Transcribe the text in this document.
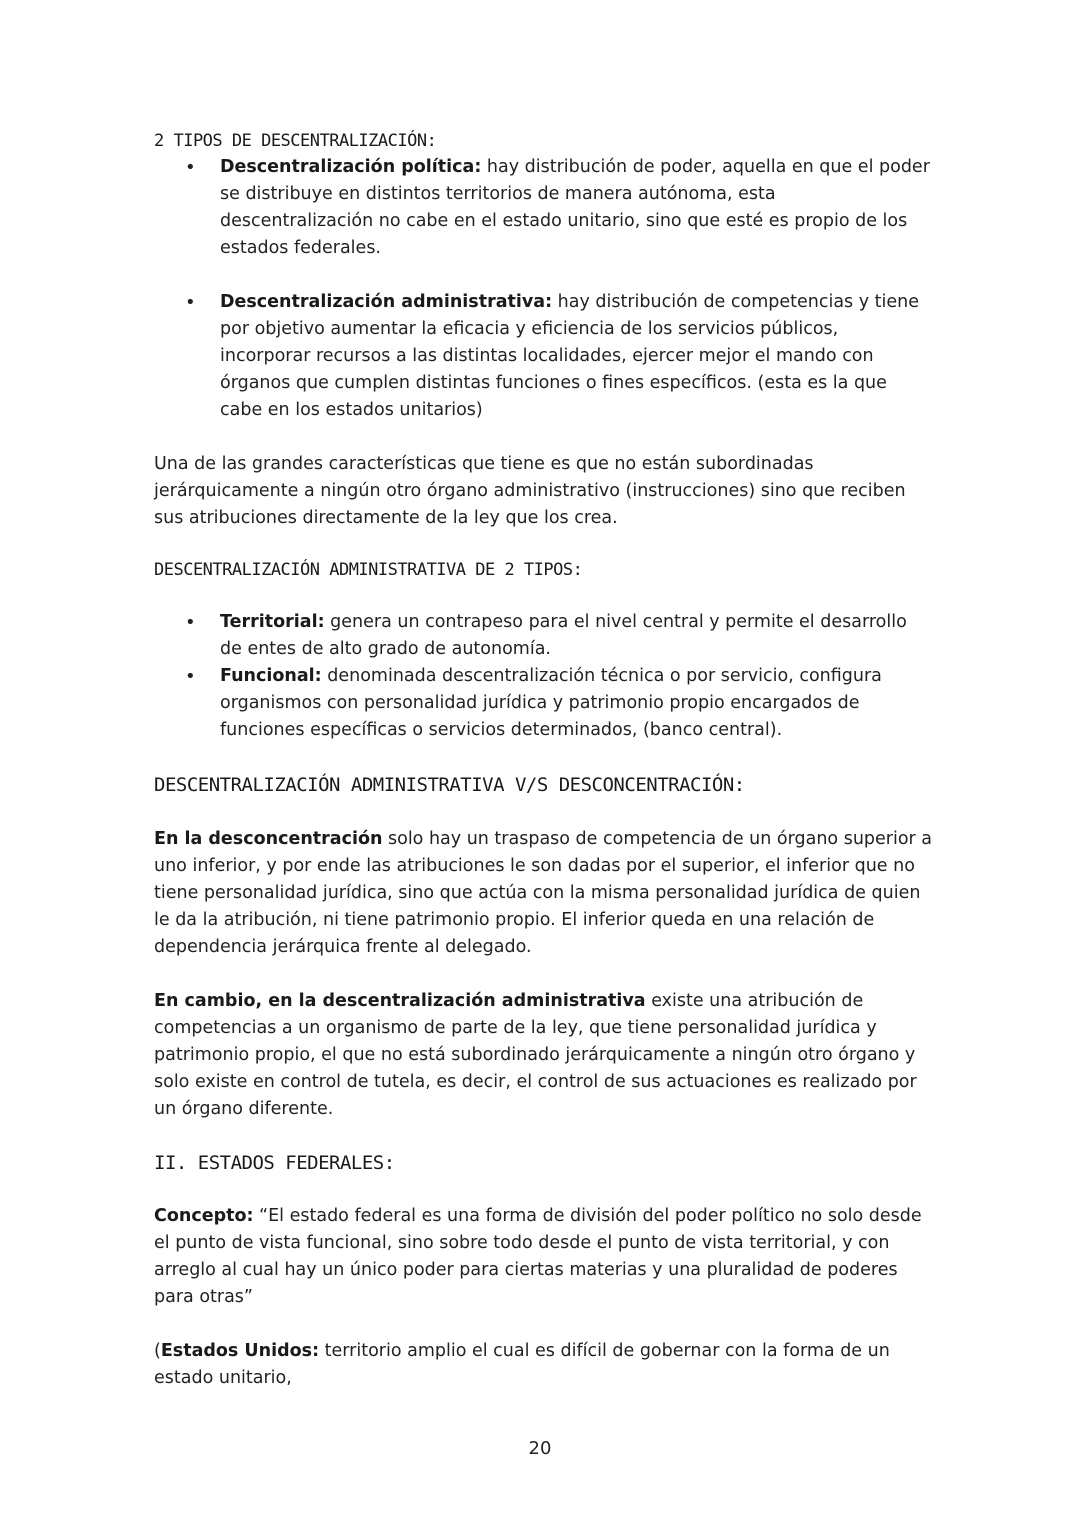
2 TIPOS DE DESCENTRALIZACIÓN:
• Descentralización política: hay distribución de poder, aquella en que el poder se distribuye en distintos territorios de manera autónoma, esta descentralización no cabe en el estado unitario, sino que esté es propio de los estados federales.
• Descentralización administrativa: hay distribución de competencias y tiene por objetivo aumentar la eficacia y eficiencia de los servicios públicos, incorporar recursos a las distintas localidades, ejercer mejor el mando con órganos que cumplen distintas funciones o fines específicos. (esta es la que cabe en los estados unitarios)

Una de las grandes características que tiene es que no están subordinadas jerárquicamente a ningún otro órgano administrativo (instrucciones) sino que reciben sus atribuciones directamente de la ley que los crea.

DESCENTRALIZACIÓN ADMINISTRATIVA DE 2 TIPOS:
• Territorial: genera un contrapeso para el nivel central y permite el desarrollo de entes de alto grado de autonomía.
• Funcional: denominada descentralización técnica o por servicio, configura organismos con personalidad jurídica y patrimonio propio encargados de funciones específicas o servicios determinados, (banco central).
DESCENTRALIZACIÓN ADMINISTRATIVA V/S DESCONCENTRACIÓN:

En la desconcentración solo hay un traspaso de competencia de un órgano superior a uno inferior, y por ende las atribuciones le son dadas por el superior, el inferior que no tiene personalidad jurídica, sino que actúa con la misma personalidad jurídica de quien le da la atribución, ni tiene patrimonio propio. El inferior queda en una relación de dependencia jerárquica frente al delegado.

En cambio, en la descentralización administrativa existe una atribución de competencias a un organismo de parte de la ley, que tiene personalidad jurídica y patrimonio propio, el que no está subordinado jerárquicamente a ningún otro órgano y solo existe en control de tutela, es decir, el control de sus actuaciones es realizado por un órgano diferente.

II. ESTADOS FEDERALES:

Concepto: “El estado federal es una forma de división del poder político no solo desde el punto de vista funcional, sino sobre todo desde el punto de vista territorial, y con arreglo al cual hay un único poder para ciertas materias y una pluralidad de poderes para otras”

(Estados Unidos: territorio amplio el cual es difícil de gobernar con la forma de un estado unitario,

20
